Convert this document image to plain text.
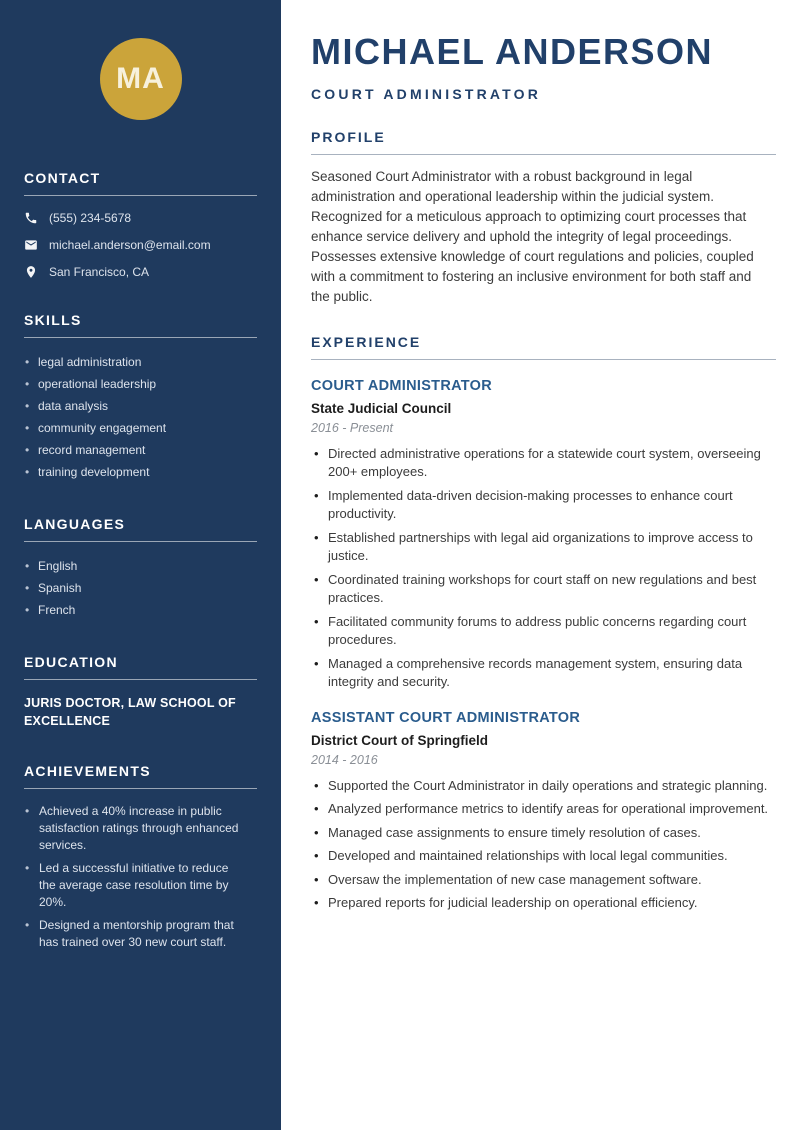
MA
CONTACT
(555) 234-5678
michael.anderson@email.com
San Francisco, CA
SKILLS
• legal administration
• operational leadership
• data analysis
• community engagement
• record management
• training development
LANGUAGES
• English
• Spanish
• French
EDUCATION

JURIS DOCTOR, LAW SCHOOL OF EXCELLENCE

ACHIEVEMENTS
• Achieved a 40% increase in public satisfaction ratings through enhanced services.
• Led a successful initiative to reduce the average case resolution time by 20%.
• Designed a mentorship program that has trained over 30 new court staff.
MICHAEL ANDERSON
COURT ADMINISTRATOR
PROFILE

Seasoned Court Administrator with a robust background in legal administration and operational leadership within the judicial system. Recognized for a meticulous approach to optimizing court processes that enhance service delivery and uphold the integrity of legal proceedings. Possesses extensive knowledge of court regulations and policies, coupled with a commitment to fostering an inclusive environment for both staff and the public.

EXPERIENCE
COURT ADMINISTRATOR
State Judicial Council
2016 - Present
• Directed administrative operations for a statewide court system, overseeing 200+ employees.
• Implemented data-driven decision-making processes to enhance court productivity.
• Established partnerships with legal aid organizations to improve access to justice.
• Coordinated training workshops for court staff on new regulations and best practices.
• Facilitated community forums to address public concerns regarding court procedures.
• Managed a comprehensive records management system, ensuring data integrity and security.
ASSISTANT COURT ADMINISTRATOR
District Court of Springfield
2014 - 2016
• Supported the Court Administrator in daily operations and strategic planning.
• Analyzed performance metrics to identify areas for operational improvement.
• Managed case assignments to ensure timely resolution of cases.
• Developed and maintained relationships with local legal communities.
• Oversaw the implementation of new case management software.
• Prepared reports for judicial leadership on operational efficiency.
